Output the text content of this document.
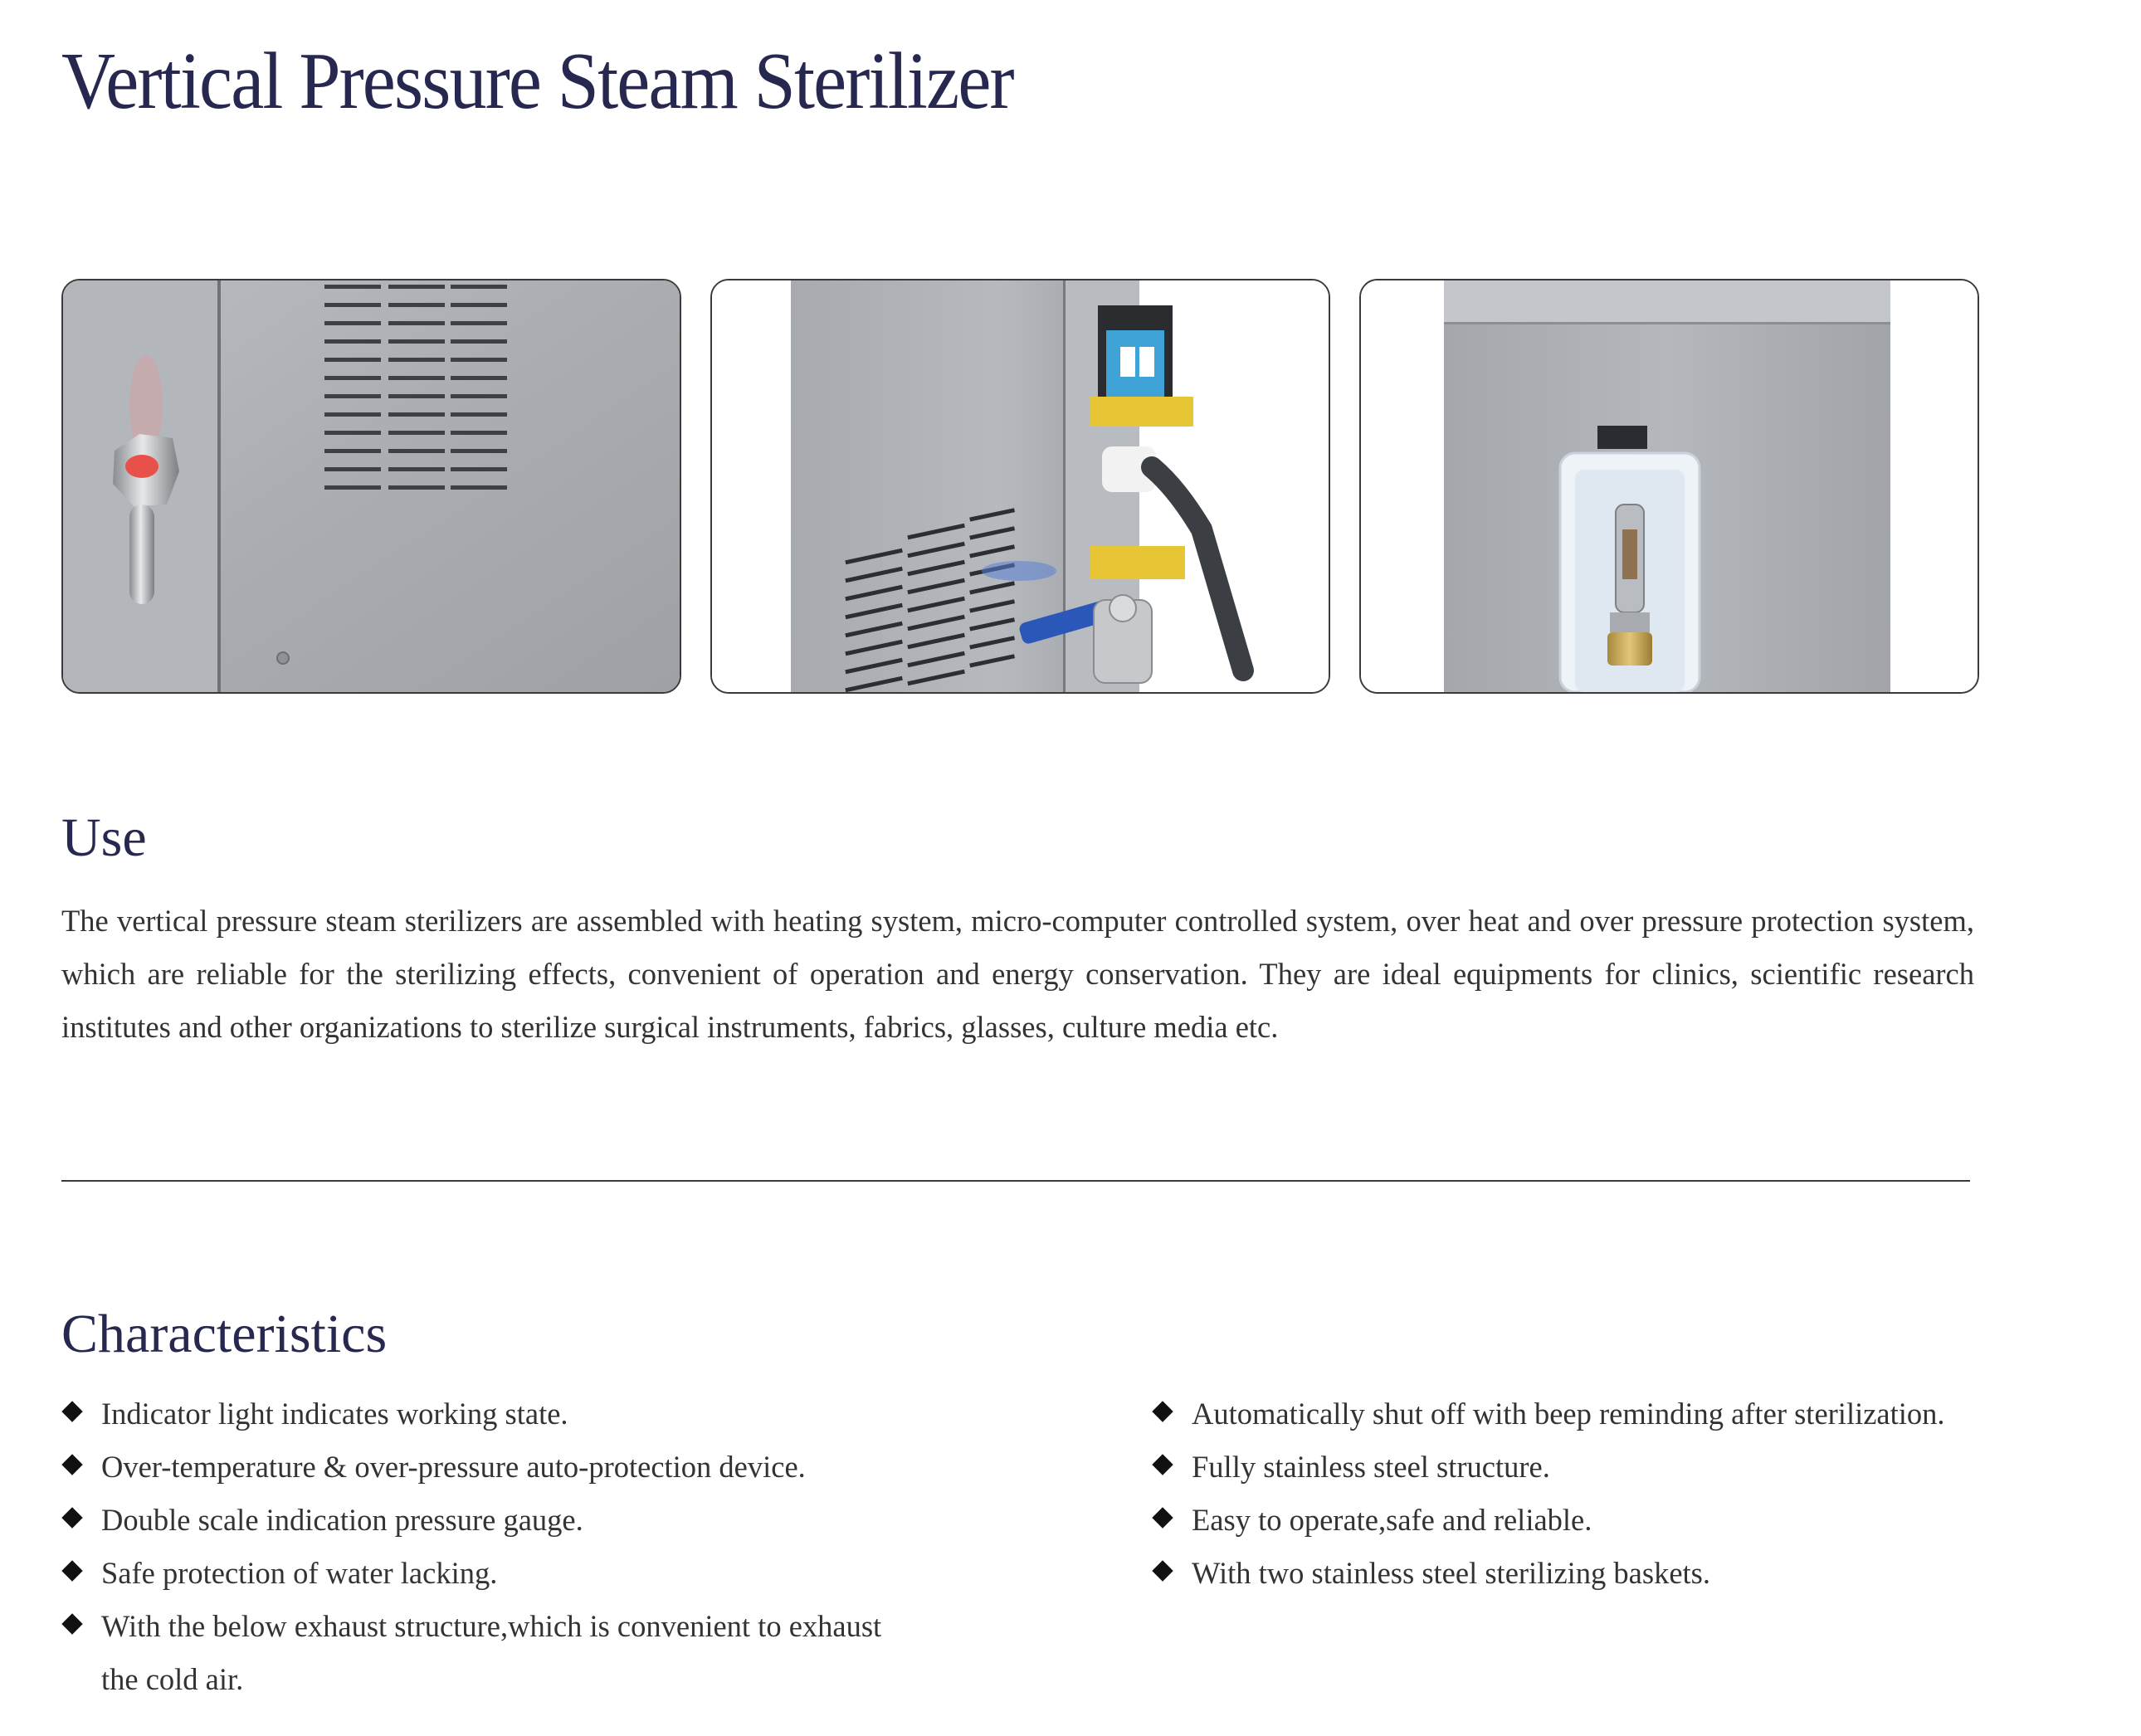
Vertical Pressure Steam Sterilizer
Use
The vertical pressure steam sterilizers are assembled with heating system, micro-computer controlled system, over heat and over pressure protection system, which are reliable for the sterilizing effects, convenient of operation and energy conservation. They are ideal equipments for clinics, scientific research institutes and other organizations to sterilize surgical instruments, fabrics, glasses, culture media etc.
Characteristics
Indicator light indicates working state.
Over-temperature & over-pressure auto-protection device.
Double scale indication pressure gauge.
Safe protection of water lacking.
With the below exhaust structure,which is convenient to exhaust the cold air.
Automatically shut off with beep reminding after sterilization.
Fully stainless steel structure.
Easy to operate,safe and reliable.
With two stainless steel sterilizing baskets.
